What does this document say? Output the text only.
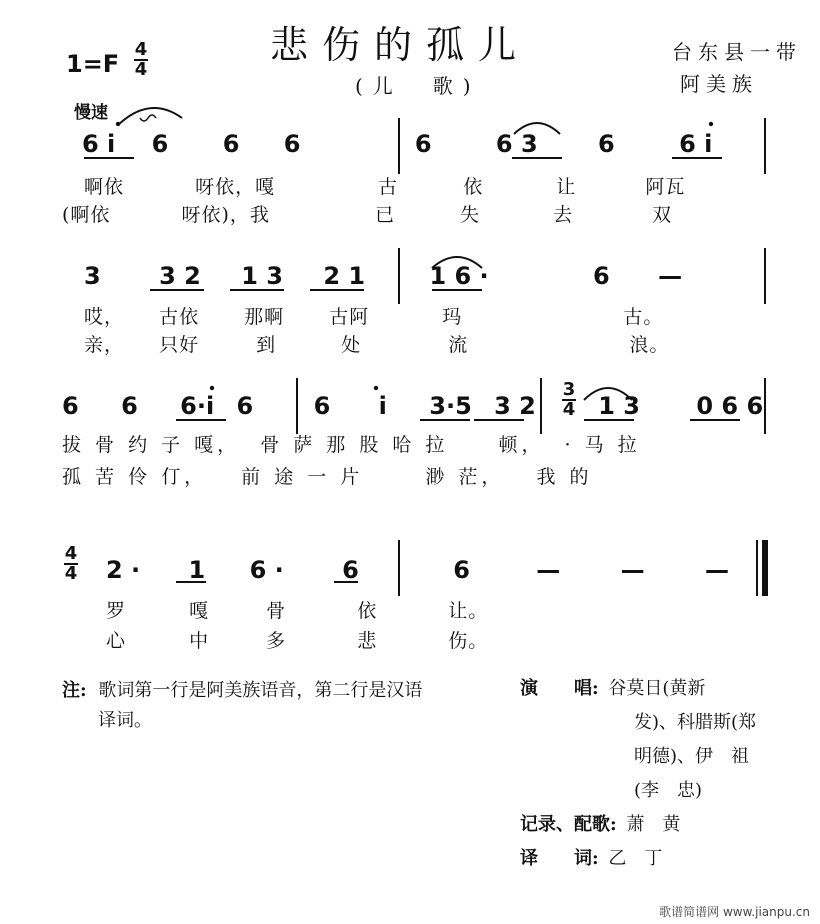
悲伤的孤儿
(儿　歌)
台东县一带
阿美族
1=F
4
4
慢速
6 i 6 6 6	6	6 3	6	6 i
啊依	呀依，嘎	古	依	让	阿瓦
(啊依	呀依)，我	已	失	去	双
3 3 2 1 3 2 1	1 6 ·	6 —
哎， 古依 那啊 古阿	玛	古。
亲， 只好	到	处	流	浪。
6 6 6·i 6	6 i 3·5 3 2	1 3 0 6 6
3
4
拔 骨 约 子 嘎， 骨 萨 那 股 哈 拉	顿， · 马 拉
孤 苦 伶 仃， 前 途 一 片	渺 茫， 我 的
4
4 2 · 1 6 · 6	6	—	—	—
罗	嘎	骨	依	让。
心	中	多	悲	伤。
注: 歌词第一行是阿美族语音，第二行是汉语
译词。
演　　唱: 谷莫日(黄新
发)、科腊斯(郑
明德)、伊　祖
(李　忠)
记录、配歌: 萧　黄
译　　词: 乙　丁
歌谱简谱网 www.jianpu.cn
